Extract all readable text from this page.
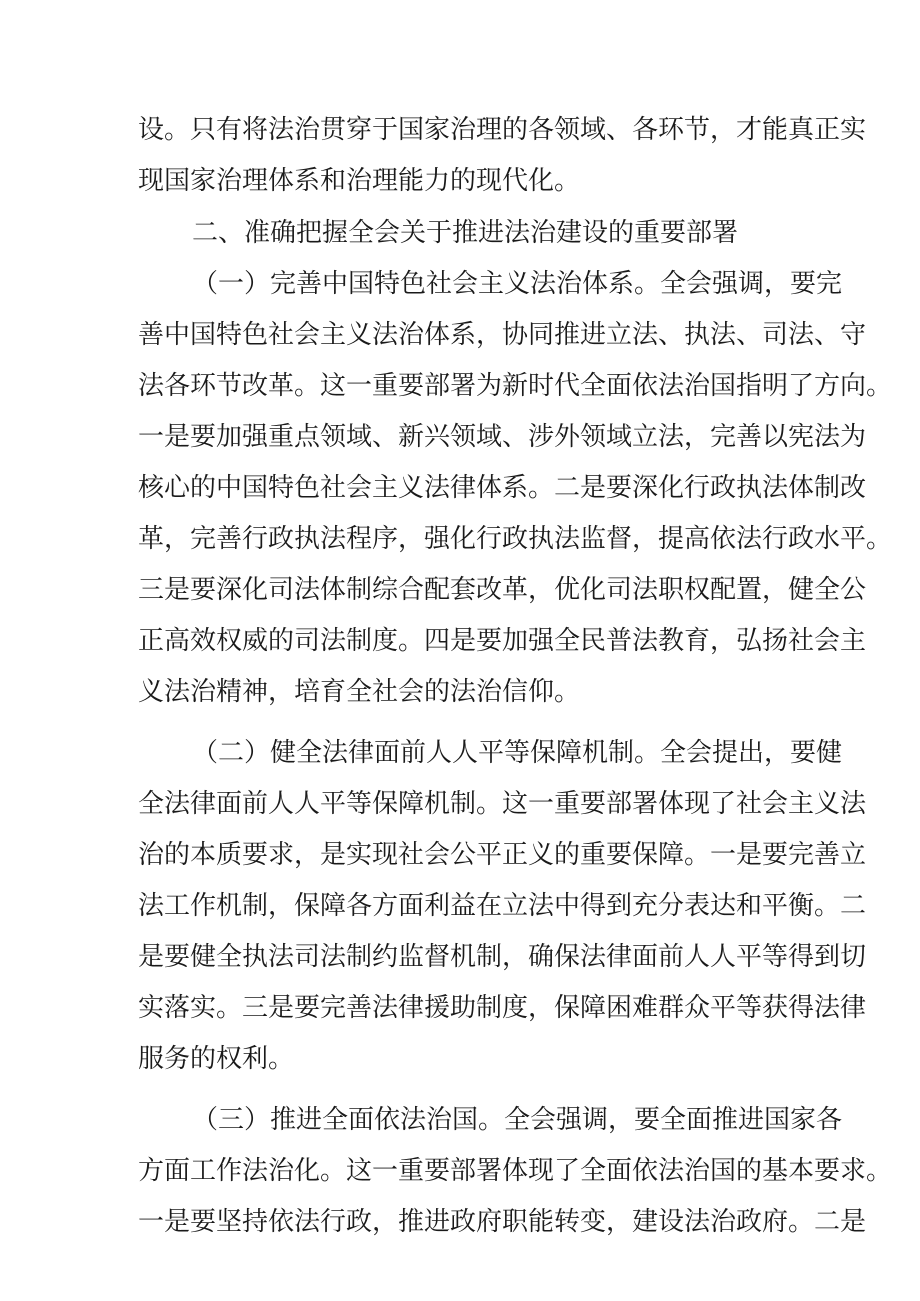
设。只有将法治贯穿于国家治理的各领域、各环节，才能真正实
现国家治理体系和治理能力的现代化。
二、准确把握全会关于推进法治建设的重要部署
（一）完善中国特色社会主义法治体系。全会强调，要完
善中国特色社会主义法治体系，协同推进立法、执法、司法、守
法各环节改革。这一重要部署为新时代全面依法治国指明了方向。
一是要加强重点领域、新兴领域、涉外领域立法，完善以宪法为
核心的中国特色社会主义法律体系。二是要深化行政执法体制改
革，完善行政执法程序，强化行政执法监督，提高依法行政水平。
三是要深化司法体制综合配套改革，优化司法职权配置，健全公
正高效权威的司法制度。四是要加强全民普法教育，弘扬社会主
义法治精神，培育全社会的法治信仰。
（二）健全法律面前人人平等保障机制。全会提出，要健
全法律面前人人平等保障机制。这一重要部署体现了社会主义法
治的本质要求，是实现社会公平正义的重要保障。一是要完善立
法工作机制，保障各方面利益在立法中得到充分表达和平衡。二
是要健全执法司法制约监督机制，确保法律面前人人平等得到切
实落实。三是要完善法律援助制度，保障困难群众平等获得法律
服务的权利。
（三）推进全面依法治国。全会强调，要全面推进国家各
方面工作法治化。这一重要部署体现了全面依法治国的基本要求。
一是要坚持依法行政，推进政府职能转变，建设法治政府。二是
